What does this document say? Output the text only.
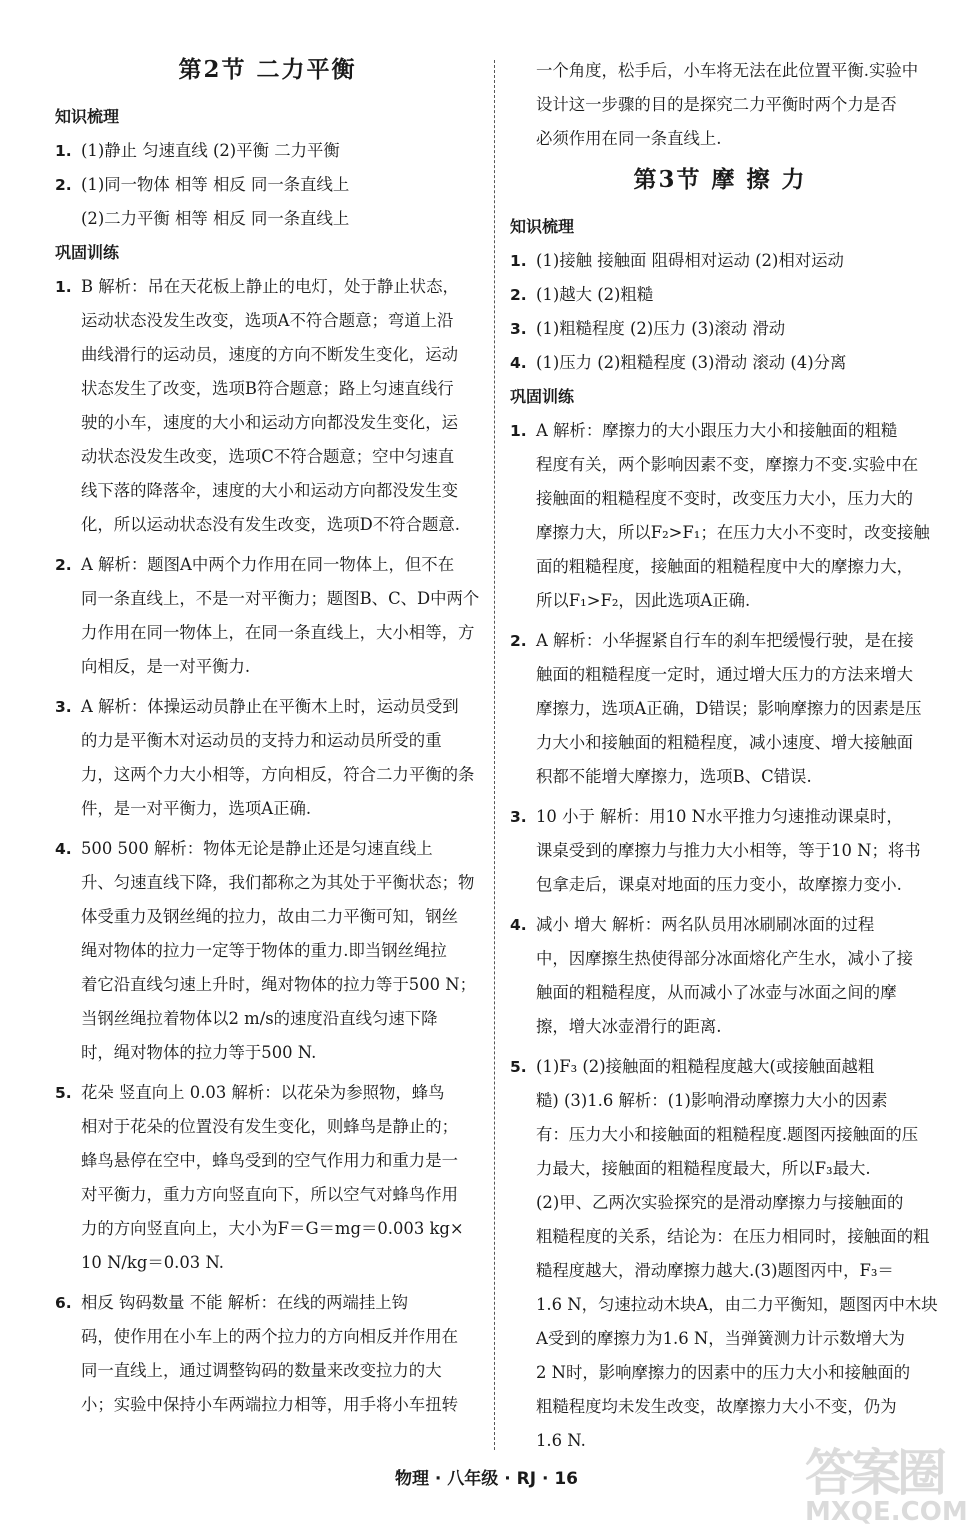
第2节 二力平衡
知识梳理
1. (1)静止 匀速直线 (2)平衡 二力平衡
2. (1)同一物体 相等 相反 同一条直线上
(2)二力平衡 相等 相反 同一条直线上
巩固训练
1. B 解析：吊在天花板上静止的电灯，处于静止状态，
运动状态没发生改变，选项A不符合题意；弯道上沿
曲线滑行的运动员，速度的方向不断发生变化，运动
状态发生了改变，选项B符合题意；路上匀速直线行
驶的小车，速度的大小和运动方向都没发生变化，运
动状态没发生改变，选项C不符合题意；空中匀速直
线下落的降落伞，速度的大小和运动方向都没发生变
化，所以运动状态没有发生改变，选项D不符合题意.
2. A 解析：题图A中两个力作用在同一物体上，但不在
同一条直线上，不是一对平衡力；题图B、C、D中两个
力作用在同一物体上，在同一条直线上，大小相等，方
向相反，是一对平衡力.
3. A 解析：体操运动员静止在平衡木上时，运动员受到
的力是平衡木对运动员的支持力和运动员所受的重
力，这两个力大小相等，方向相反，符合二力平衡的条
件，是一对平衡力，选项A正确.
4. 500 500 解析：物体无论是静止还是匀速直线上
升、匀速直线下降，我们都称之为其处于平衡状态；物
体受重力及钢丝绳的拉力，故由二力平衡可知，钢丝
绳对物体的拉力一定等于物体的重力.即当钢丝绳拉
着它沿直线匀速上升时，绳对物体的拉力等于500 N；
当钢丝绳拉着物体以2 m/s的速度沿直线匀速下降
时，绳对物体的拉力等于500 N.
5. 花朵 竖直向上 0.03 解析：以花朵为参照物，蜂鸟
相对于花朵的位置没有发生变化，则蜂鸟是静止的；
蜂鸟悬停在空中，蜂鸟受到的空气作用力和重力是一
对平衡力，重力方向竖直向下，所以空气对蜂鸟作用
力的方向竖直向上，大小为F＝G＝mg＝0.003 kg×
10 N/kg＝0.03 N.
6. 相反 钩码数量 不能 解析：在线的两端挂上钩
码，使作用在小车上的两个拉力的方向相反并作用在
同一直线上，通过调整钩码的数量来改变拉力的大
小；实验中保持小车两端拉力相等，用手将小车扭转
一个角度，松手后，小车将无法在此位置平衡.实验中
设计这一步骤的目的是探究二力平衡时两个力是否
必须作用在同一条直线上.
第3节 摩 擦 力
知识梳理
1. (1)接触 接触面 阻碍相对运动 (2)相对运动
2. (1)越大 (2)粗糙
3. (1)粗糙程度 (2)压力 (3)滚动 滑动
4. (1)压力 (2)粗糙程度 (3)滑动 滚动 (4)分离
巩固训练
1. A 解析：摩擦力的大小跟压力大小和接触面的粗糙
程度有关，两个影响因素不变，摩擦力不变.实验中在
接触面的粗糙程度不变时，改变压力大小，压力大的
摩擦力大，所以F₂>F₁；在压力大小不变时，改变接触
面的粗糙程度，接触面的粗糙程度中大的摩擦力大，
所以F₁>F₂，因此选项A正确.
2. A 解析：小华握紧自行车的刹车把缓慢行驶，是在接
触面的粗糙程度一定时，通过增大压力的方法来增大
摩擦力，选项A正确，D错误；影响摩擦力的因素是压
力大小和接触面的粗糙程度，减小速度、增大接触面
积都不能增大摩擦力，选项B、C错误.
3. 10 小于 解析：用10 N水平推力匀速推动课桌时，
课桌受到的摩擦力与推力大小相等，等于10 N；将书
包拿走后，课桌对地面的压力变小，故摩擦力变小.
4. 减小 增大 解析：两名队员用冰刷刷冰面的过程
中，因摩擦生热使得部分冰面熔化产生水，减小了接
触面的粗糙程度，从而减小了冰壶与冰面之间的摩
擦，增大冰壶滑行的距离.
5. (1)F₃ (2)接触面的粗糙程度越大(或接触面越粗
糙) (3)1.6 解析：(1)影响滑动摩擦力大小的因素
有：压力大小和接触面的粗糙程度.题图丙接触面的压
力最大，接触面的粗糙程度最大，所以F₃最大.
(2)甲、乙两次实验探究的是滑动摩擦力与接触面的
粗糙程度的关系，结论为：在压力相同时，接触面的粗
糙程度越大，滑动摩擦力越大.(3)题图丙中，F₃＝
1.6 N，匀速拉动木块A，由二力平衡知，题图丙中木块
A受到的摩擦力为1.6 N，当弹簧测力计示数增大为
2 N时，影响摩擦力的因素中的压力大小和接触面的
粗糙程度均未发生改变，故摩擦力大小不变，仍为
1.6 N.
物理 · 八年级 · RJ · 16	答案圈
MXQE.COM
